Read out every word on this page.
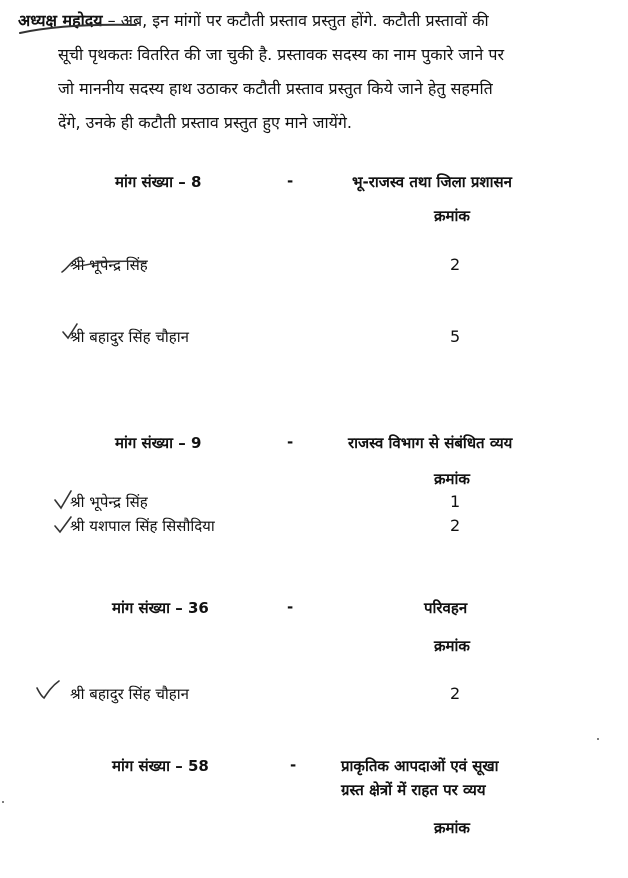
अध्यक्ष महोदय – अब, इन मांगों पर कटौती प्रस्ताव प्रस्तुत होंगे. कटौती प्रस्तावों की
सूची पृथकतः वितरित की जा चुकी है. प्रस्तावक सदस्य का नाम पुकारे जाने पर
जो माननीय सदस्य हाथ उठाकर कटौती प्रस्ताव प्रस्तुत किये जाने हेतु सहमति
देंगे, उनके ही कटौती प्रस्ताव प्रस्तुत हुए माने जायेंगे.
मांग संख्या – 8	-	भू-राजस्व तथा जिला प्रशासन
क्रमांक
श्री भूपेन्द्र सिंह	2
श्री बहादुर सिंह चौहान	5
मांग संख्या – 9	-	राजस्व विभाग से संबंधित व्यय
क्रमांक
श्री भूपेन्द्र सिंह	1
श्री यशपाल सिंह सिसौदिया	2
मांग संख्या – 36	-	परिवहन
क्रमांक
श्री बहादुर सिंह चौहान	2
मांग संख्या – 58	-	प्राकृतिक आपदाओं एवं सूखा
ग्रस्त क्षेत्रों में राहत पर व्यय
क्रमांक
